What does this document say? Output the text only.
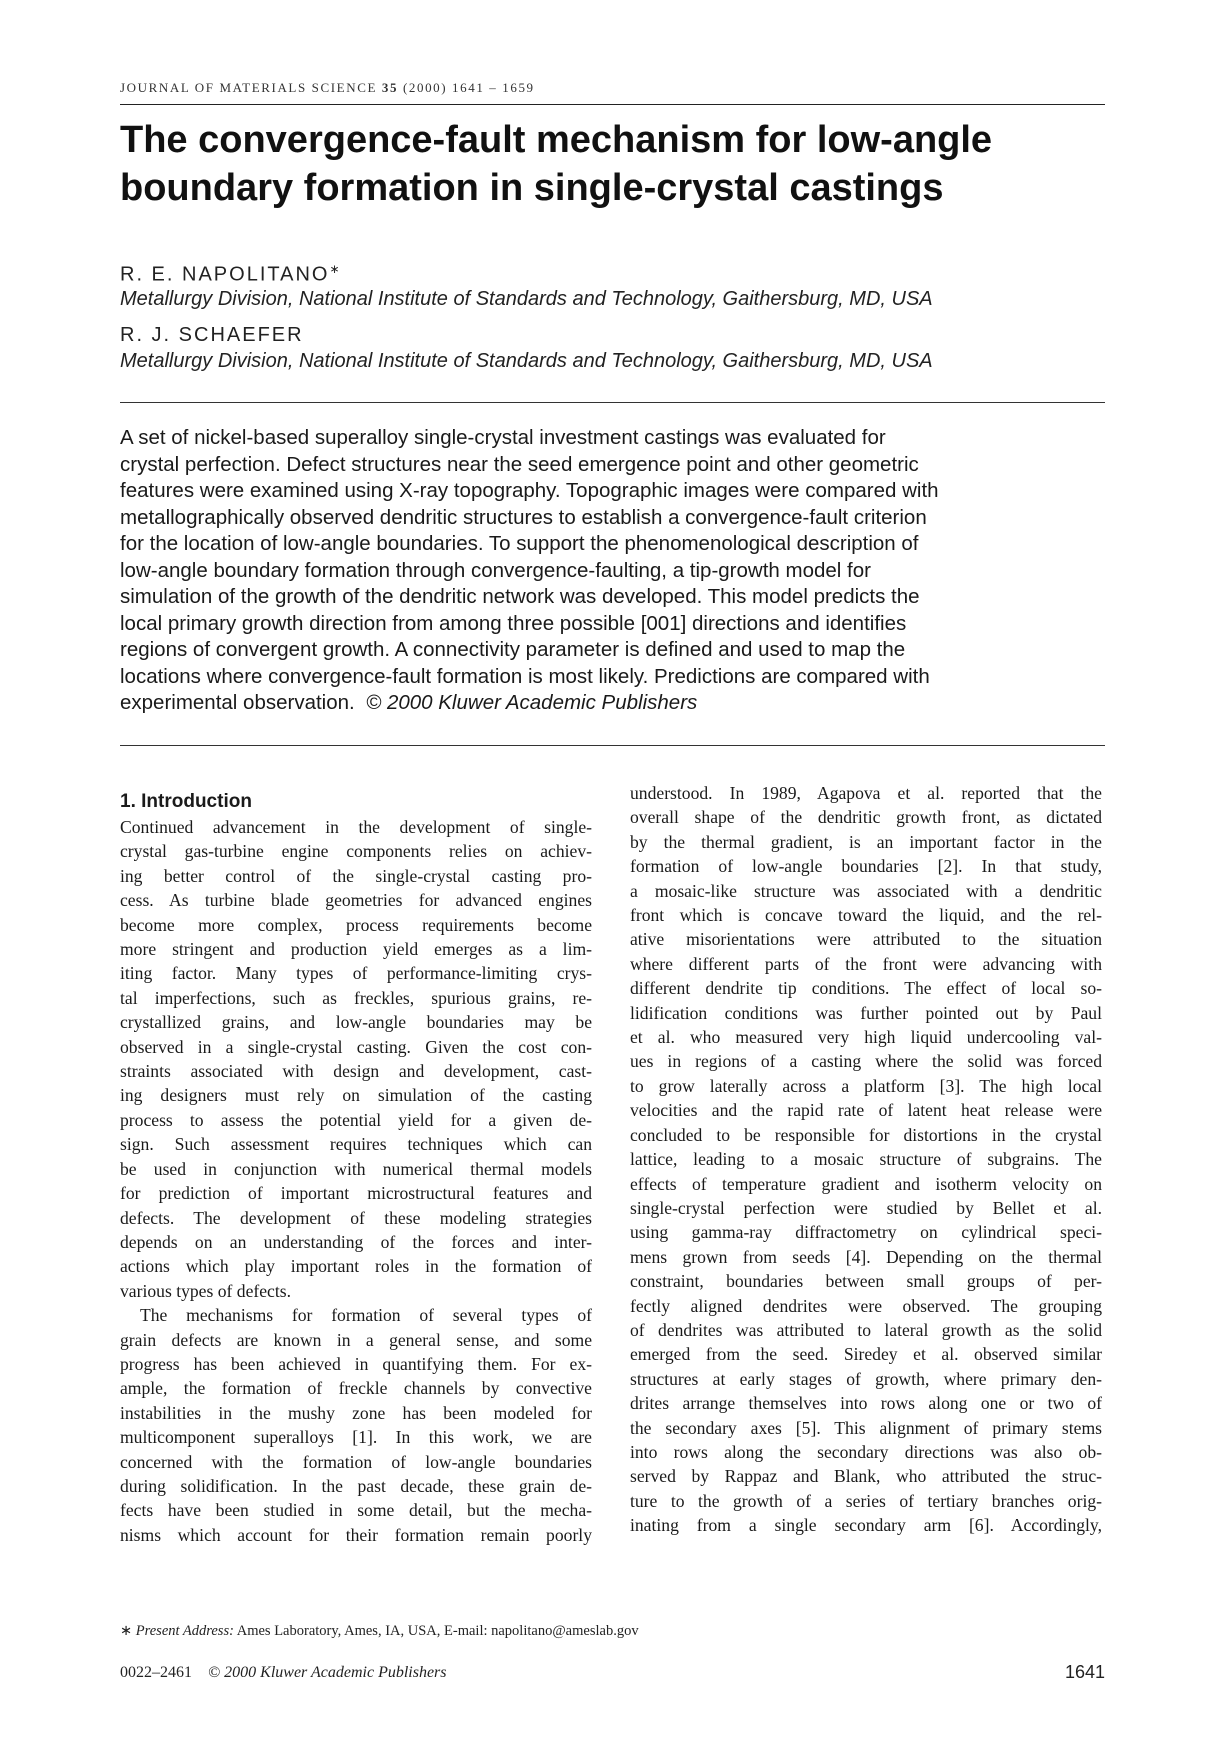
JOURNAL OF MATERIALS SCIENCE 35 (2000) 1641 – 1659
The convergence-fault mechanism for low-angle
boundary formation in single-crystal castings
R. E. NAPOLITANO∗
Metallurgy Division, National Institute of Standards and Technology, Gaithersburg, MD, USA
R. J. SCHAEFER
Metallurgy Division, National Institute of Standards and Technology, Gaithersburg, MD, USA
A set of nickel-based superalloy single-crystal investment castings was evaluated for
crystal perfection. Defect structures near the seed emergence point and other geometric
features were examined using X-ray topography. Topographic images were compared with
metallographically observed dendritic structures to establish a convergence-fault criterion
for the location of low-angle boundaries. To support the phenomenological description of
low-angle boundary formation through convergence-faulting, a tip-growth model for
simulation of the growth of the dendritic network was developed. This model predicts the
local primary growth direction from among three possible [001] directions and identifies
regions of convergent growth. A connectivity parameter is defined and used to map the
locations where convergence-fault formation is most likely. Predictions are compared with
experimental observation. © 2000 Kluwer Academic Publishers
1. Introduction
Continued advancement in the development of single-
crystal gas-turbine engine components relies on achiev-
ing better control of the single-crystal casting pro-
cess. As turbine blade geometries for advanced engines
become more complex, process requirements become
more stringent and production yield emerges as a lim-
iting factor. Many types of performance-limiting crys-
tal imperfections, such as freckles, spurious grains, re-
crystallized grains, and low-angle boundaries may be
observed in a single-crystal casting. Given the cost con-
straints associated with design and development, cast-
ing designers must rely on simulation of the casting
process to assess the potential yield for a given de-
sign. Such assessment requires techniques which can
be used in conjunction with numerical thermal models
for prediction of important microstructural features and
defects. The development of these modeling strategies
depends on an understanding of the forces and inter-
actions which play important roles in the formation of
various types of defects.
The mechanisms for formation of several types of
grain defects are known in a general sense, and some
progress has been achieved in quantifying them. For ex-
ample, the formation of freckle channels by convective
instabilities in the mushy zone has been modeled for
multicomponent superalloys [1]. In this work, we are
concerned with the formation of low-angle boundaries
during solidification. In the past decade, these grain de-
fects have been studied in some detail, but the mecha-
nisms which account for their formation remain poorly
understood. In 1989, Agapova et al. reported that the
overall shape of the dendritic growth front, as dictated
by the thermal gradient, is an important factor in the
formation of low-angle boundaries [2]. In that study,
a mosaic-like structure was associated with a dendritic
front which is concave toward the liquid, and the rel-
ative misorientations were attributed to the situation
where different parts of the front were advancing with
different dendrite tip conditions. The effect of local so-
lidification conditions was further pointed out by Paul
et al. who measured very high liquid undercooling val-
ues in regions of a casting where the solid was forced
to grow laterally across a platform [3]. The high local
velocities and the rapid rate of latent heat release were
concluded to be responsible for distortions in the crystal
lattice, leading to a mosaic structure of subgrains. The
effects of temperature gradient and isotherm velocity on
single-crystal perfection were studied by Bellet et al.
using gamma-ray diffractometry on cylindrical speci-
mens grown from seeds [4]. Depending on the thermal
constraint, boundaries between small groups of per-
fectly aligned dendrites were observed. The grouping
of dendrites was attributed to lateral growth as the solid
emerged from the seed. Siredey et al. observed similar
structures at early stages of growth, where primary den-
drites arrange themselves into rows along one or two of
the secondary axes [5]. This alignment of primary stems
into rows along the secondary directions was also ob-
served by Rappaz and Blank, who attributed the struc-
ture to the growth of a series of tertiary branches orig-
inating from a single secondary arm [6]. Accordingly,
∗ Present Address: Ames Laboratory, Ames, IA, USA, E-mail: napolitano@ameslab.gov
0022–2461 © 2000 Kluwer Academic Publishers	1641
